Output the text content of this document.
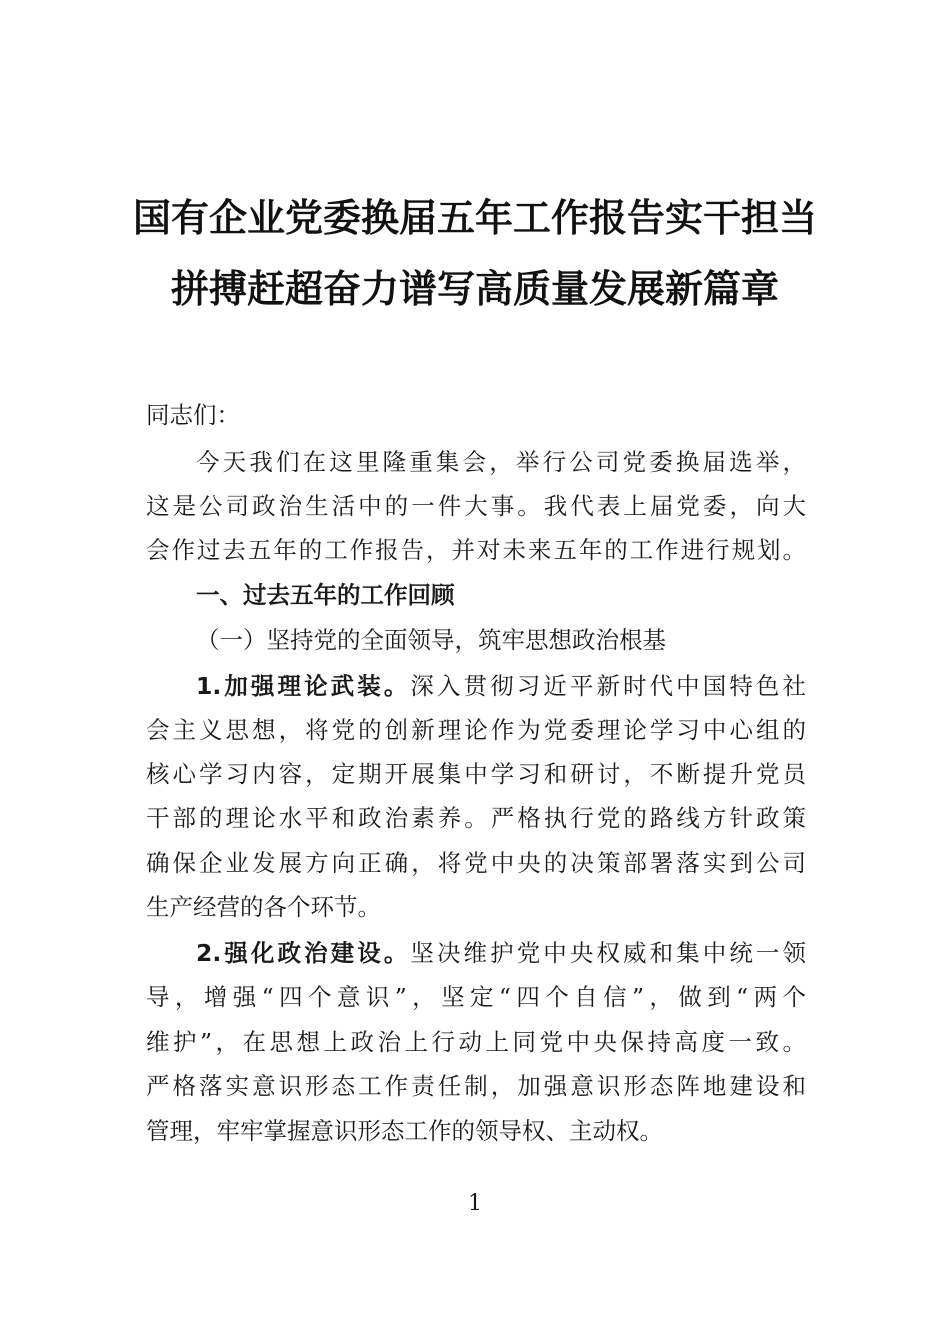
国有企业党委换届五年工作报告实干担当
拼搏赶超奋力谱写高质量发展新篇章
同志们：
今天我们在这里隆重集会，举行公司党委换届选举，
这是公司政治生活中的一件大事。我代表上届党委，向大
会作过去五年的工作报告，并对未来五年的工作进行规划。
一、过去五年的工作回顾
（一）坚持党的全面领导，筑牢思想政治根基
1.加强理论武装。深入贯彻习近平新时代中国特色社
会主义思想，将党的创新理论作为党委理论学习中心组的
核心学习内容，定期开展集中学习和研讨，不断提升党员
干部的理论水平和政治素养。严格执行党的路线方针政策
确保企业发展方向正确，将党中央的决策部署落实到公司
生产经营的各个环节。
2.强化政治建设。坚决维护党中央权威和集中统一领
导，增强“四个意识”，坚定“四个自信”，做到“两个
维护”，在思想上政治上行动上同党中央保持高度一致。
严格落实意识形态工作责任制，加强意识形态阵地建设和
管理，牢牢掌握意识形态工作的领导权、主动权。
1
